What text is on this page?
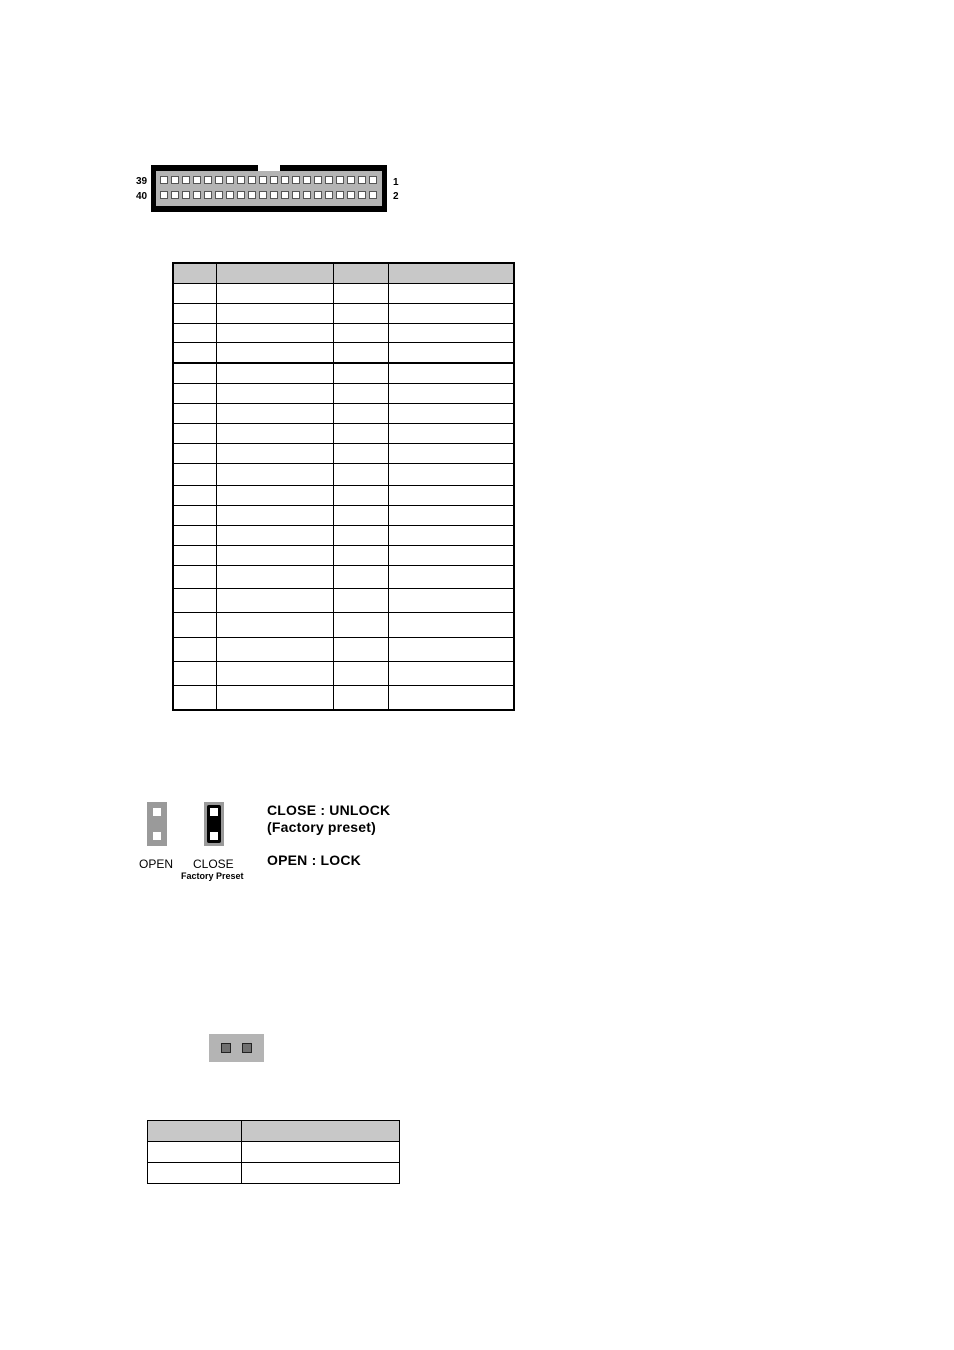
39
40
1
2

OPEN CLOSE
Factory Preset
CLOSE : UNLOCK
(Factory preset)
OPEN : LOCK
